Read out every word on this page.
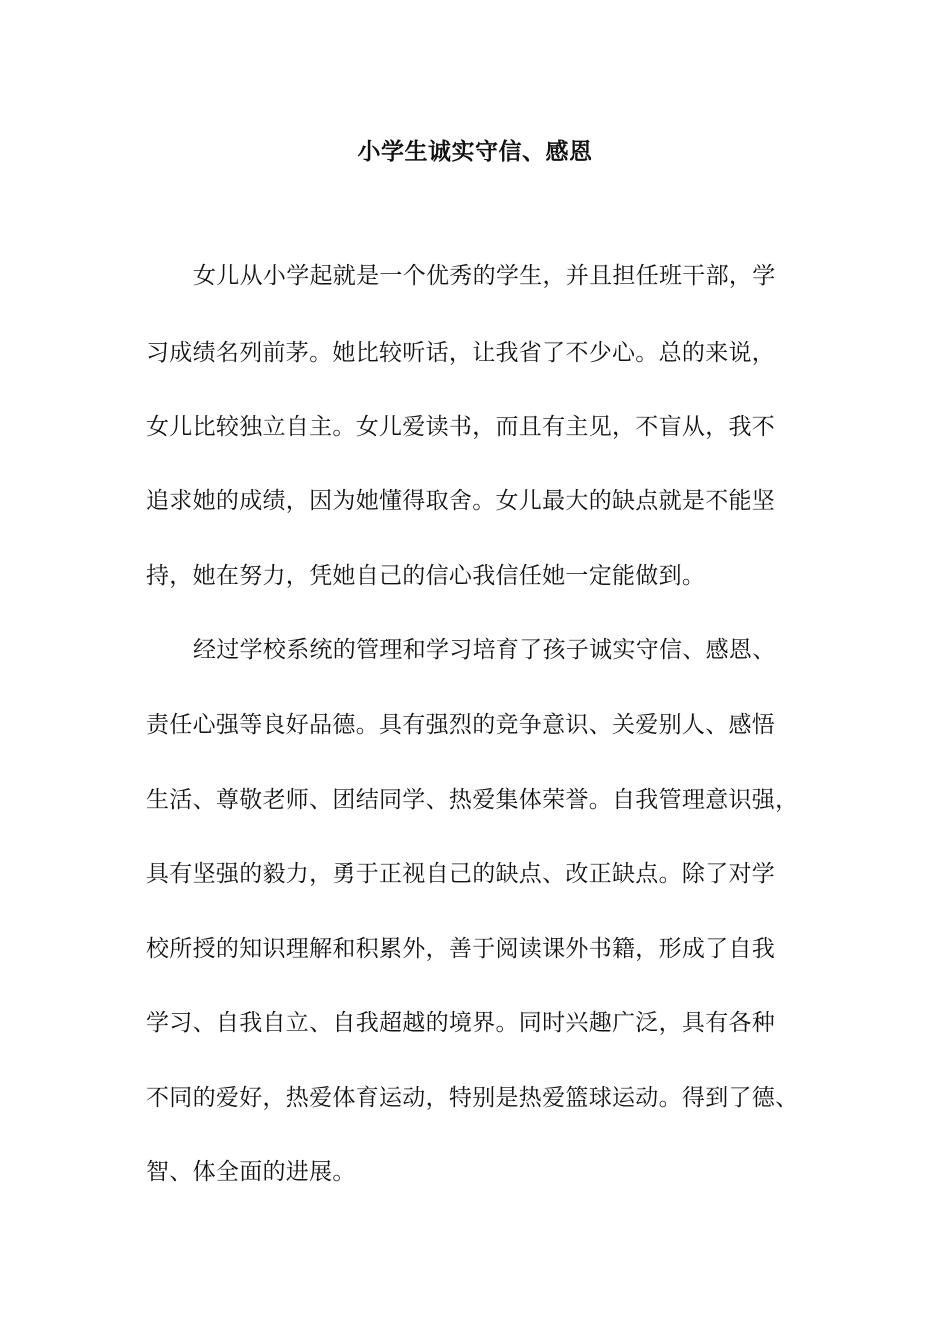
小学生诚实守信、感恩
女儿从小学起就是一个优秀的学生，并且担任班干部，学
习成绩名列前茅。她比较听话，让我省了不少心。总的来说，
女儿比较独立自主。女儿爱读书，而且有主见，不盲从，我不
追求她的成绩，因为她懂得取舍。女儿最大的缺点就是不能坚
持，她在努力，凭她自己的信心我信任她一定能做到。
经过学校系统的管理和学习培育了孩子诚实守信、感恩、
责任心强等良好品德。具有强烈的竞争意识、关爱别人、感悟
生活、尊敬老师、团结同学、热爱集体荣誉。自我管理意识强，
具有坚强的毅力，勇于正视自己的缺点、改正缺点。除了对学
校所授的知识理解和积累外，善于阅读课外书籍，形成了自我
学习、自我自立、自我超越的境界。同时兴趣广泛，具有各种
不同的爱好，热爱体育运动，特别是热爱篮球运动。得到了德、
智、体全面的进展。
